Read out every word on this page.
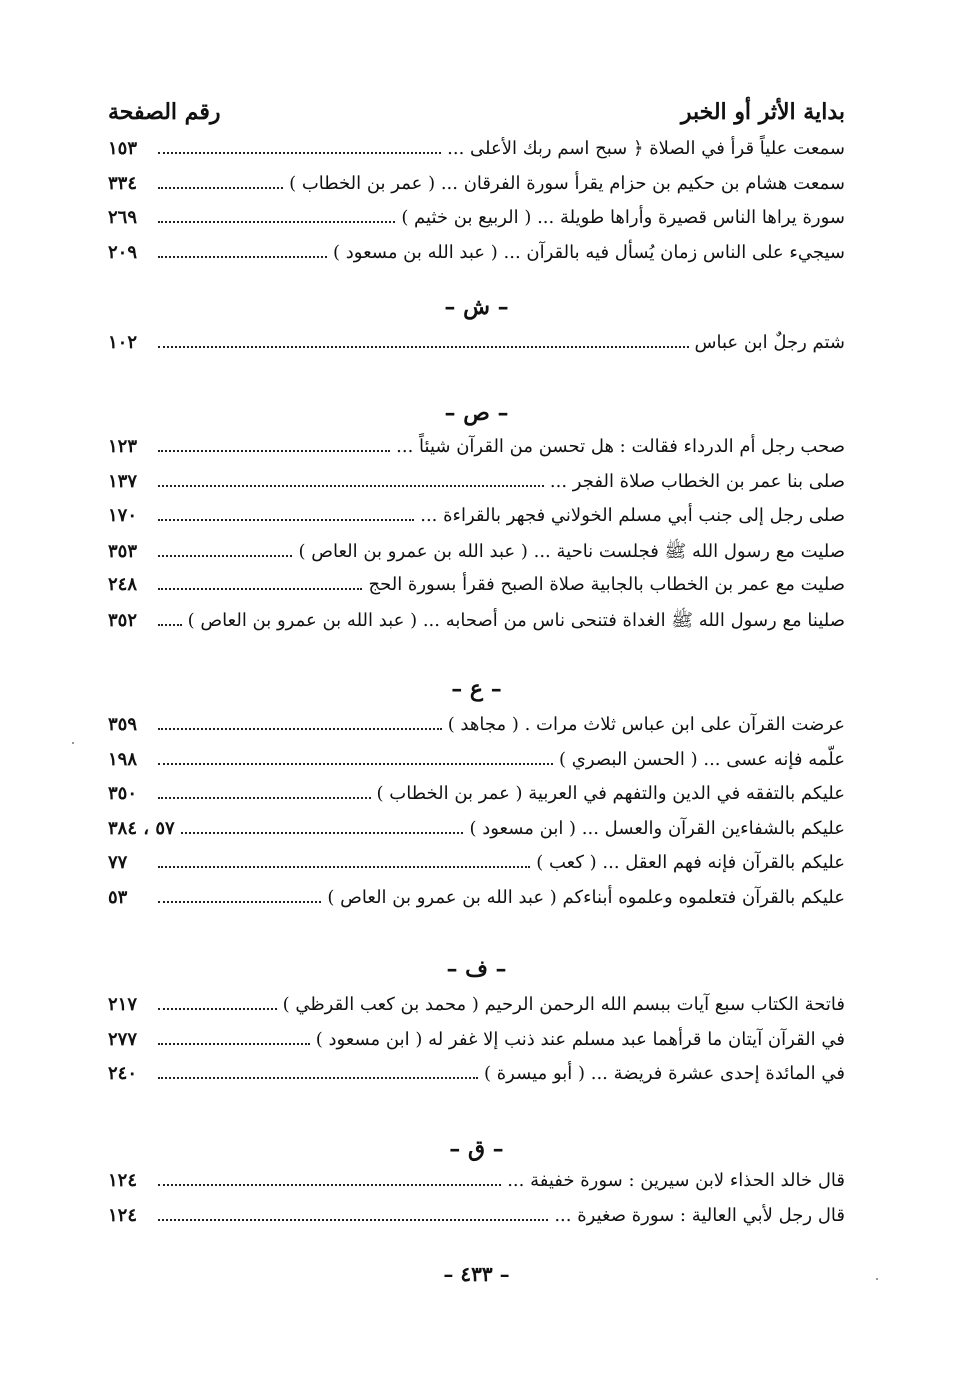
بداية الأثر أو الخبر
رقم الصفحة
سمعت علياً قرأ في الصلاة ﴿ سبح اسم ربك الأعلى ...
١٥٣
سمعت هشام بن حكيم بن حزام يقرأ سورة الفرقان ... ( عمر بن الخطاب )
٣٣٤
سورة يراها الناس قصيرة وأراها طويلة ... ( الربيع بن خثيم )
٢٦٩
سيجيء على الناس زمان يُسأل فيه بالقرآن ... ( عبد الله بن مسعود )
٢٠٩
– ش –
شتم رجلٌ ابن عباس
١٠٢
– ص –
صحب رجل أم الدرداء فقالت : هل تحسن من القرآن شيئاً ...
١٢٣
صلى بنا عمر بن الخطاب صلاة الفجر ...
١٣٧
صلى رجل إلى جنب أبي مسلم الخولاني فجهر بالقراءة ...
١٧٠
صليت مع رسول الله ﷺ فجلست ناحية ... ( عبد الله بن عمرو بن العاص )
٣٥٣
صليت مع عمر بن الخطاب بالجابية صلاة الصبح فقرأ بسورة الحج
٢٤٨
صلينا مع رسول الله ﷺ الغداة فتنحى ناس من أصحابه ... ( عبد الله بن عمرو بن العاص )
٣٥٢
– ع –
عرضت القرآن على ابن عباس ثلاث مرات . ( مجاهد )
٣٥٩
علّمه فإنه عسى ... ( الحسن البصري )
١٩٨
عليكم بالتفقه في الدين والتفهم في العربية ( عمر بن الخطاب )
٣٥٠
عليكم بالشفاءين القرآن والعسل ... ( ابن مسعود )
٥٧ ، ٣٨٤
عليكم بالقرآن فإنه فهم العقل ... ( كعب )
٧٧
عليكم بالقرآن فتعلموه وعلموه أبناءكم ( عبد الله بن عمرو بن العاص )
٥٣
– ف –
فاتحة الكتاب سبع آيات ببسم الله الرحمن الرحيم ( محمد بن كعب القرظي )
٢١٧
في القرآن آيتان ما قرأهما عبد مسلم عند ذنب إلا غفر له ( ابن مسعود )
٢٧٧
في المائدة إحدى عشرة فريضة ... ( أبو ميسرة )
٢٤٠
– ق –
قال خالد الحذاء لابن سيرين : سورة خفيفة ...
١٢٤
قال رجل لأبي العالية : سورة صغيرة ...
١٢٤
– ٤٣٣ –
